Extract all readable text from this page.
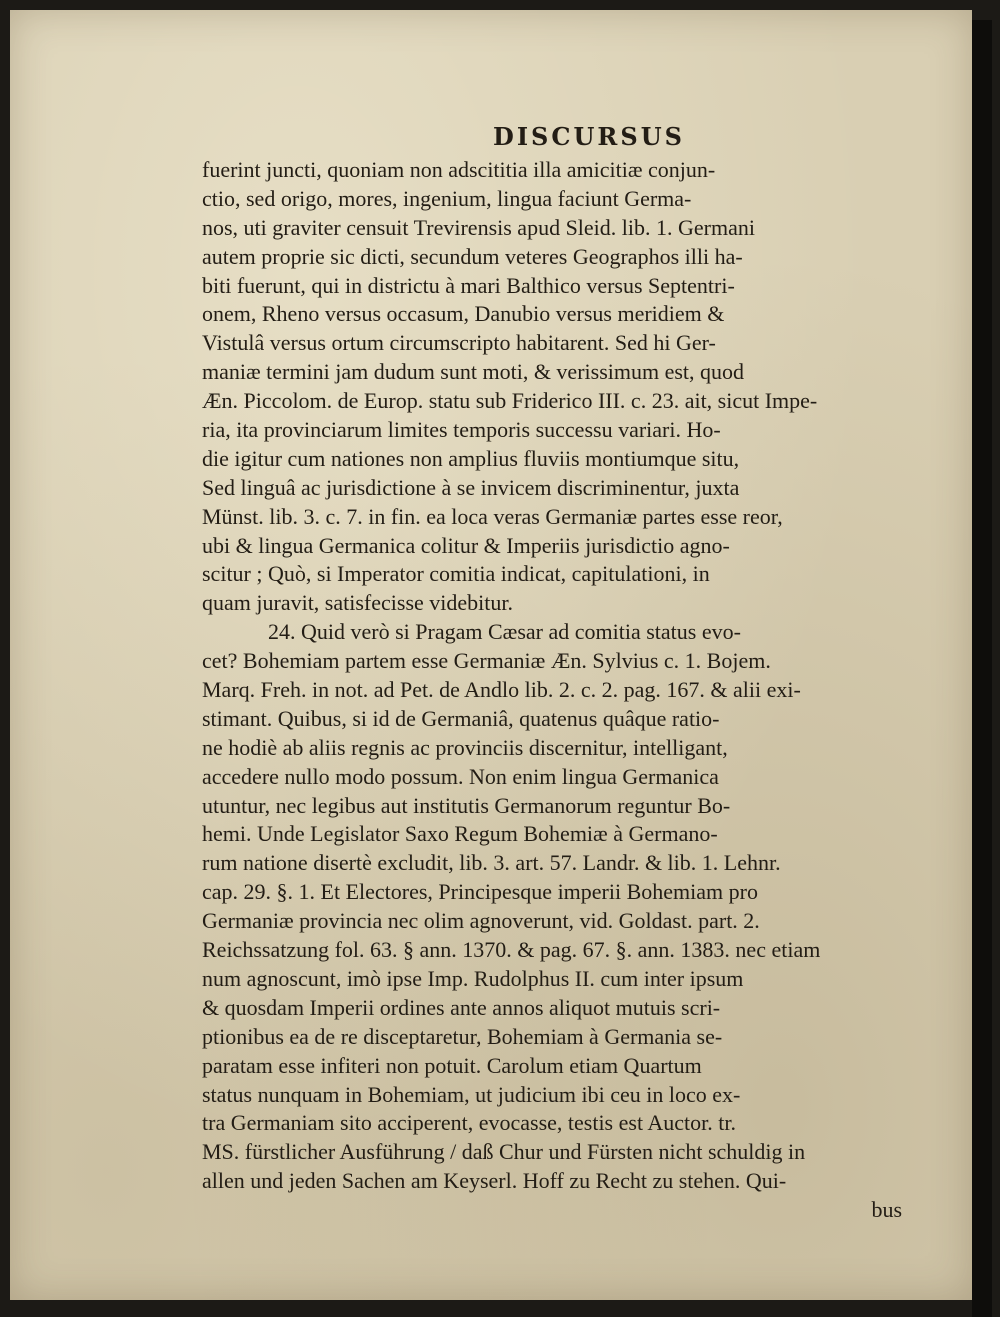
DISCURSUS
fuerint juncti, quoniam non adscititia illa amicitiæ conjun-
ctio, sed origo, mores, ingenium, lingua faciunt Germa-
nos, uti graviter censuit Trevirensis apud Sleid. lib. 1. Germani
autem proprie sic dicti, secundum veteres Geographos illi ha-
biti fuerunt, qui in districtu à mari Balthico versus Septentri-
onem, Rheno versus occasum, Danubio versus meridiem &
Vistulâ versus ortum circumscripto habitarent. Sed hi Ger-
maniæ termini jam dudum sunt moti, & verissimum est, quod
Æn. Piccolom. de Europ. statu sub Friderico III. c. 23. ait, sicut Impe-
ria, ita provinciarum limites temporis successu variari. Ho-
die igitur cum nationes non amplius fluviis montiumque situ,
Sed linguâ ac jurisdictione à se invicem discriminentur, juxta
Münst. lib. 3. c. 7. in fin. ea loca veras Germaniæ partes esse reor,
ubi & lingua Germanica colitur & Imperiis jurisdictio agno-
scitur ; Quò, si Imperator comitia indicat, capitulationi, in
quam juravit, satisfecisse videbitur.
24. Quid verò si Pragam Cæsar ad comitia status evo-
cet? Bohemiam partem esse Germaniæ Æn. Sylvius c. 1. Bojem.
Marq. Freh. in not. ad Pet. de Andlo lib. 2. c. 2. pag. 167. & alii exi-
stimant. Quibus, si id de Germaniâ, quatenus quâque ratio-
ne hodiè ab aliis regnis ac provinciis discernitur, intelligant,
accedere nullo modo possum. Non enim lingua Germanica
utuntur, nec legibus aut institutis Germanorum reguntur Bo-
hemi. Unde Legislator Saxo Regum Bohemiæ à Germano-
rum natione disertè excludit, lib. 3. art. 57. Landr. & lib. 1. Lehnr.
cap. 29. §. 1. Et Electores, Principesque imperii Bohemiam pro
Germaniæ provincia nec olim agnoverunt, vid. Goldast. part. 2.
Reichssatzung fol. 63. § ann. 1370. & pag. 67. §. ann. 1383. nec etiam
num agnoscunt, imò ipse Imp. Rudolphus II. cum inter ipsum
& quosdam Imperii ordines ante annos aliquot mutuis scri-
ptionibus ea de re disceptaretur, Bohemiam à Germania se-
paratam esse infiteri non potuit. Carolum etiam Quartum
status nunquam in Bohemiam, ut judicium ibi ceu in loco ex-
tra Germaniam sito acciperent, evocasse, testis est Auctor. tr.
MS. fürstlicher Ausführung / daß Chur und Fürsten nicht schuldig in
allen und jeden Sachen am Keyserl. Hoff zu Recht zu stehen. Qui-
bus
